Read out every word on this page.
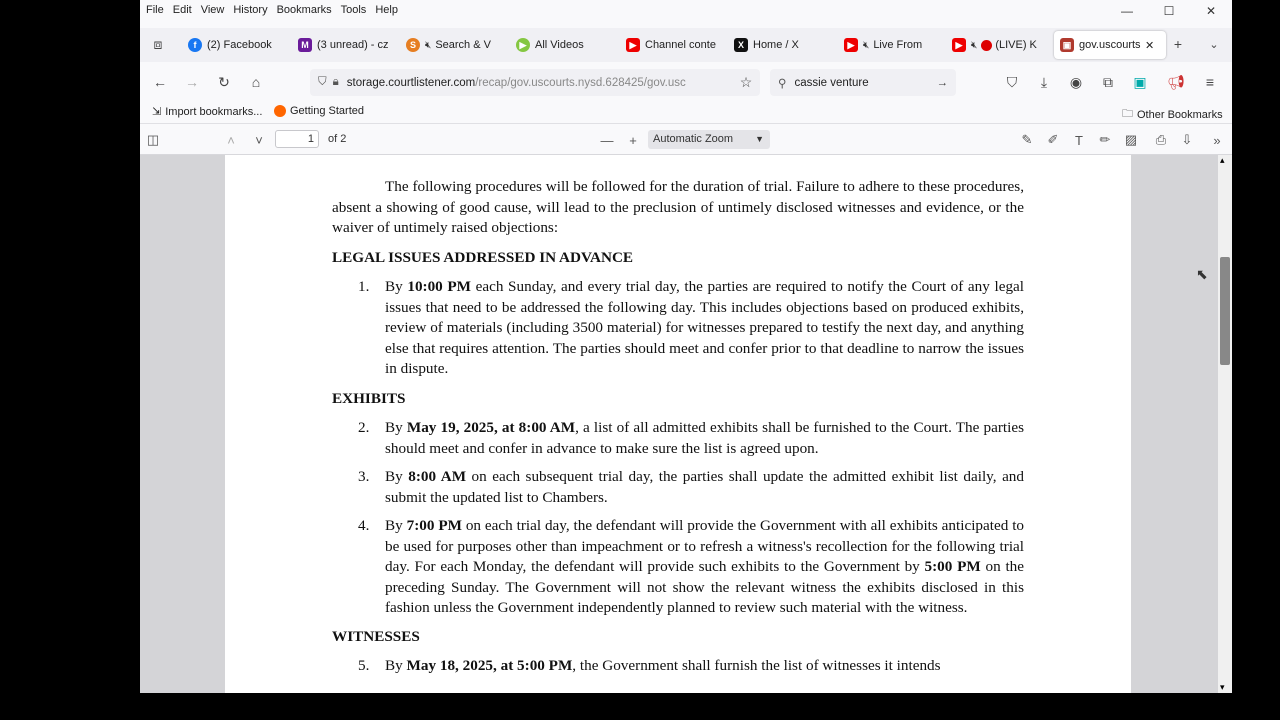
File Edit View History Bookmarks Tools Help	—	☐	✕
⧈	f (2) Facebook	M (3 unread) - cz	S 🔇︎ Search & V	▶ All Videos	▶ Channel conte	X Home / X	▶ 🔇︎ Live From	▶ 🔇︎ (LIVE) K	▣ gov.uscourts ✕	+	⌄
← → ↻	⌂	⛉ 🔒︎ storage.courtlistener.com /recap/gov.uscourts.nysd.628425/gov.usc	☆	⚲ cassie venture	→	⛉	⤓	◉	⧉	▣ 📢︎	≡
⇲ Import bookmarks...	Getting Started	🗀︎ Other Bookmarks
◫	˄	˅	1	of 2	—	+	Automatic Zoom ▼	✎ ✐	T	✏ ▨ ⎙ ⇩	»

The following procedures will be followed for the duration of trial. Failure to adhere to these procedures, absent a showing of good cause, will lead to the preclusion of untimely disclosed witnesses and evidence, or the waiver of untimely raised objections:

LEGAL ISSUES ADDRESSED IN ADVANCE

1. By 10:00 PM each Sunday, and every trial day, the parties are required to notify the Court of any legal issues that need to be addressed the following day. This includes objections based on produced exhibits, review of materials (including 3500 material) for witnesses prepared to testify the next day, and anything else that requires attention. The parties should meet and confer prior to that deadline to narrow the issues in dispute.

EXHIBITS

2. By May 19, 2025, at 8:00 AM, a list of all admitted exhibits shall be furnished to the Court. The parties should meet and confer in advance to make sure the list is agreed upon.
3. By 8:00 AM on each subsequent trial day, the parties shall update the admitted exhibit list daily, and submit the updated list to Chambers.
4. By 7:00 PM on each trial day, the defendant will provide the Government with all exhibits anticipated to be used for purposes other than impeachment or to refresh a witness's recollection for the following trial day. For each Monday, the defendant will provide such exhibits to the Government by 5:00 PM on the preceding Sunday. The Government will not show the relevant witness the exhibits disclosed in this fashion unless the Government independently planned to review such material with the witness.

WITNESSES

5. By May 18, 2025, at 5:00 PM, the Government shall furnish the list of witnesses it intends
▴
▾
⬉
